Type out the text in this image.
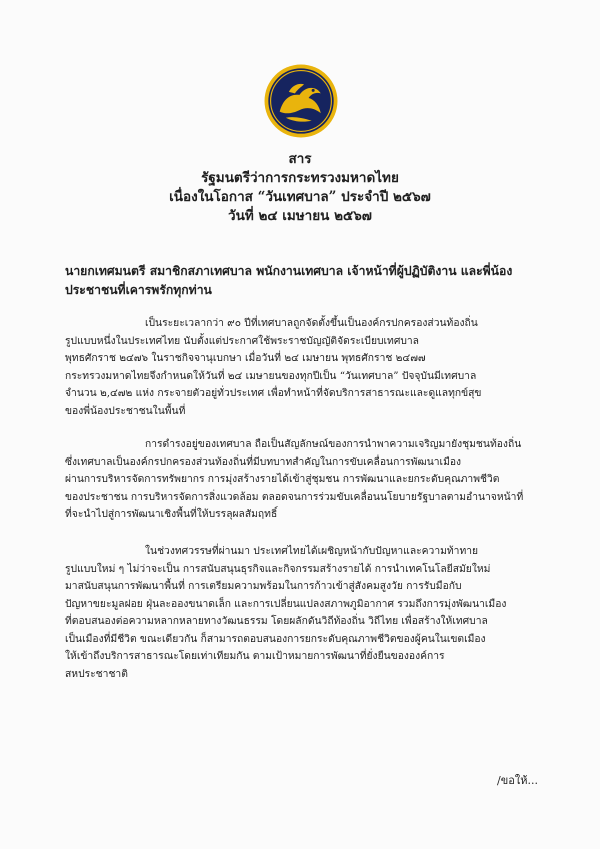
สาร
รัฐมนตรีว่าการกระทรวงมหาดไทย
เนื่องในโอกาส “วันเทศบาล” ประจำปี ๒๕๖๗
วันที่ ๒๔ เมษายน ๒๕๖๗
นายกเทศมนตรี สมาชิกสภาเทศบาล พนักงานเทศบาล เจ้าหน้าที่ผู้ปฏิบัติงาน และพี่น้อง
ประชาชนที่เคารพรักทุกท่าน
เป็นระยะเวลากว่า ๙๐ ปีที่เทศบาลถูกจัดตั้งขึ้นเป็นองค์กรปกครองส่วนท้องถิ่น
รูปแบบหนึ่งในประเทศไทย นับตั้งแต่ประกาศใช้พระราชบัญญัติจัดระเบียบเทศบาล
พุทธศักราช ๒๔๗๖ ในราชกิจจานุเบกษา เมื่อวันที่ ๒๔ เมษายน พุทธศักราช ๒๔๗๗
กระทรวงมหาดไทยจึงกำหนดให้วันที่ ๒๔ เมษายนของทุกปีเป็น “วันเทศบาล” ปัจจุบันมีเทศบาล
จำนวน ๒,๔๗๒ แห่ง กระจายตัวอยู่ทั่วประเทศ เพื่อทำหน้าที่จัดบริการสาธารณะและดูแลทุกข์สุข
ของพี่น้องประชาชนในพื้นที่
การดำรงอยู่ของเทศบาล ถือเป็นสัญลักษณ์ของการนำพาความเจริญมายังชุมชนท้องถิ่น
ซึ่งเทศบาลเป็นองค์กรปกครองส่วนท้องถิ่นที่มีบทบาทสำคัญในการขับเคลื่อนการพัฒนาเมือง
ผ่านการบริหารจัดการทรัพยากร การมุ่งสร้างรายได้เข้าสู่ชุมชน การพัฒนาและยกระดับคุณภาพชีวิต
ของประชาชน การบริหารจัดการสิ่งแวดล้อม ตลอดจนการร่วมขับเคลื่อนนโยบายรัฐบาลตามอำนาจหน้าที่
ที่จะนำไปสู่การพัฒนาเชิงพื้นที่ให้บรรลุผลสัมฤทธิ์
ในช่วงทศวรรษที่ผ่านมา ประเทศไทยได้เผชิญหน้ากับปัญหาและความท้าทาย
รูปแบบใหม่ ๆ ไม่ว่าจะเป็น การสนับสนุนธุรกิจและกิจกรรมสร้างรายได้ การนำเทคโนโลยีสมัยใหม่
มาสนับสนุนการพัฒนาพื้นที่ การเตรียมความพร้อมในการก้าวเข้าสู่สังคมสูงวัย การรับมือกับ
ปัญหาขยะมูลฝอย ฝุ่นละอองขนาดเล็ก และการเปลี่ยนแปลงสภาพภูมิอากาศ รวมถึงการมุ่งพัฒนาเมือง
ที่ตอบสนองต่อความหลากหลายทางวัฒนธรรม โดยผลักดันวิถีท้องถิ่น วิถีไทย เพื่อสร้างให้เทศบาล
เป็นเมืองที่มีชีวิต ขณะเดียวกัน ก็สามารถตอบสนองการยกระดับคุณภาพชีวิตของผู้คนในเขตเมือง
ให้เข้าถึงบริการสาธารณะโดยเท่าเทียมกัน ตามเป้าหมายการพัฒนาที่ยั่งยืนขององค์การ
สหประชาชาติ
/ขอให้...
